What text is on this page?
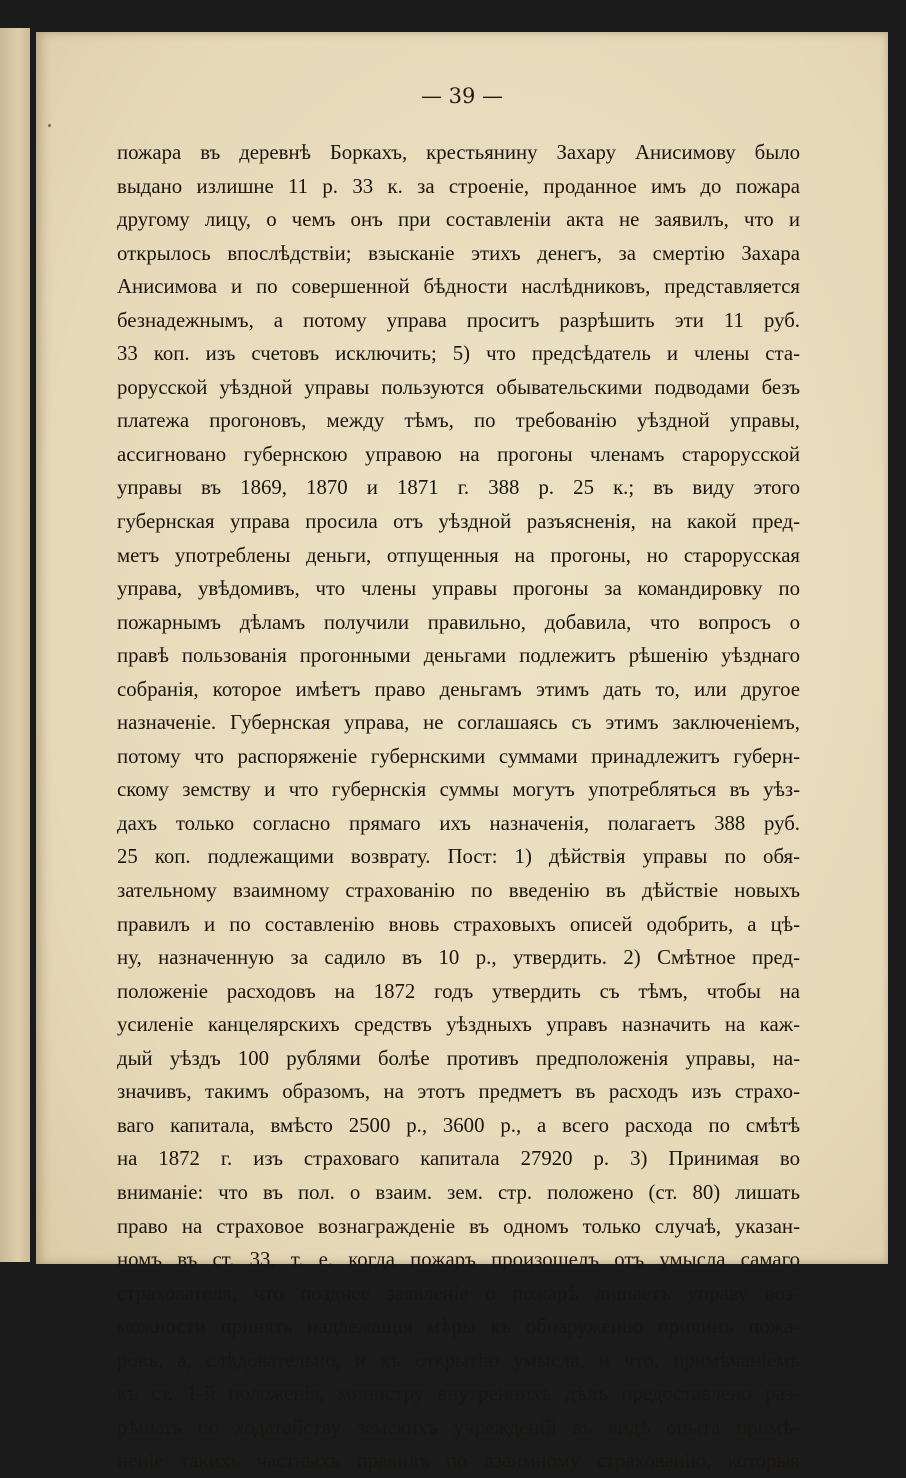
— 39 —
пожара въ деревнѣ Боркахъ, крестьянину Захару Анисимову было
выдано излишне 11 р. 33 к. за строеніе, проданное имъ до пожара
другому лицу, о чемъ онъ при составленіи акта не заявилъ, что и
открылось впослѣдствіи; взысканіе этихъ денегъ, за смертію Захара
Анисимова и по совершенной бѣдности наслѣдниковъ, представляется
безнадежнымъ, а потому управа проситъ разрѣшить эти 11 руб.
33 коп. изъ счетовъ исключить; 5) что предсѣдатель и члены ста-
рорусской уѣздной управы пользуются обывательскими подводами безъ
платежа прогоновъ, между тѣмъ, по требованію уѣздной управы,
ассигновано губернскою управою на прогоны членамъ старорусской
управы въ 1869, 1870 и 1871 г. 388 р. 25 к.; въ виду этого
губернская управа просила отъ уѣздной разъясненія, на какой пред-
метъ употреблены деньги, отпущенныя на прогоны, но старорусская
управа, увѣдомивъ, что члены управы прогоны за командировку по
пожарнымъ дѣламъ получили правильно, добавила, что вопросъ о
правѣ пользованія прогонными деньгами подлежитъ рѣшенію уѣзднаго
собранія, которое имѣетъ право деньгамъ этимъ дать то, или другое
назначеніе. Губернская управа, не соглашаясь съ этимъ заключеніемъ,
потому что распоряженіе губернскими суммами принадлежитъ губерн-
скому земству и что губернскія суммы могутъ употребляться въ уѣз-
дахъ только согласно прямаго ихъ назначенія, полагаетъ 388 руб.
25 коп. подлежащими возврату. Пост: 1) дѣйствія управы по обя-
зательному взаимному страхованію по введенію въ дѣйствіе новыхъ
правилъ и по составленію вновь страховыхъ описей одобрить, а цѣ-
ну, назначенную за садило въ 10 р., утвердить. 2) Смѣтное пред-
положеніе расходовъ на 1872 годъ утвердить съ тѣмъ, чтобы на
усиленіе канцелярскихъ средствъ уѣздныхъ управъ назначить на каж-
дый уѣздъ 100 рублями болѣе противъ предположенія управы, на-
значивъ, такимъ образомъ, на этотъ предметъ въ расходъ изъ страхо-
ваго капитала, вмѣсто 2500 р., 3600 р., а всего расхода по смѣтѣ
на 1872 г. изъ страховаго капитала 27920 р. 3) Принимая во
вниманіе: что въ пол. о взаим. зем. стр. положено (ст. 80) лишать
право на страховое вознагражденіе въ одномъ только случаѣ, указан-
номъ въ ст. 33, т. е. когда пожаръ произошелъ отъ умысла самаго
страхователя; что позднее заявленіе о пожарѣ лишаетъ управу воз-
можности принять надлежащія мѣры къ обнаруженію причинъ пожа-
ровъ, а, слѣдовательно, и къ открытію умысла, и что, примѣчаніемъ
къ ст. 1-й положенія, министру внутреннихъ дѣлъ предоставлено раз-
рѣшать по ходатайству земскихъ учрежденій въ видѣ опыта примѣ-
неніе такихъ частныхъ правилъ по взаимному страхованію, которыя
